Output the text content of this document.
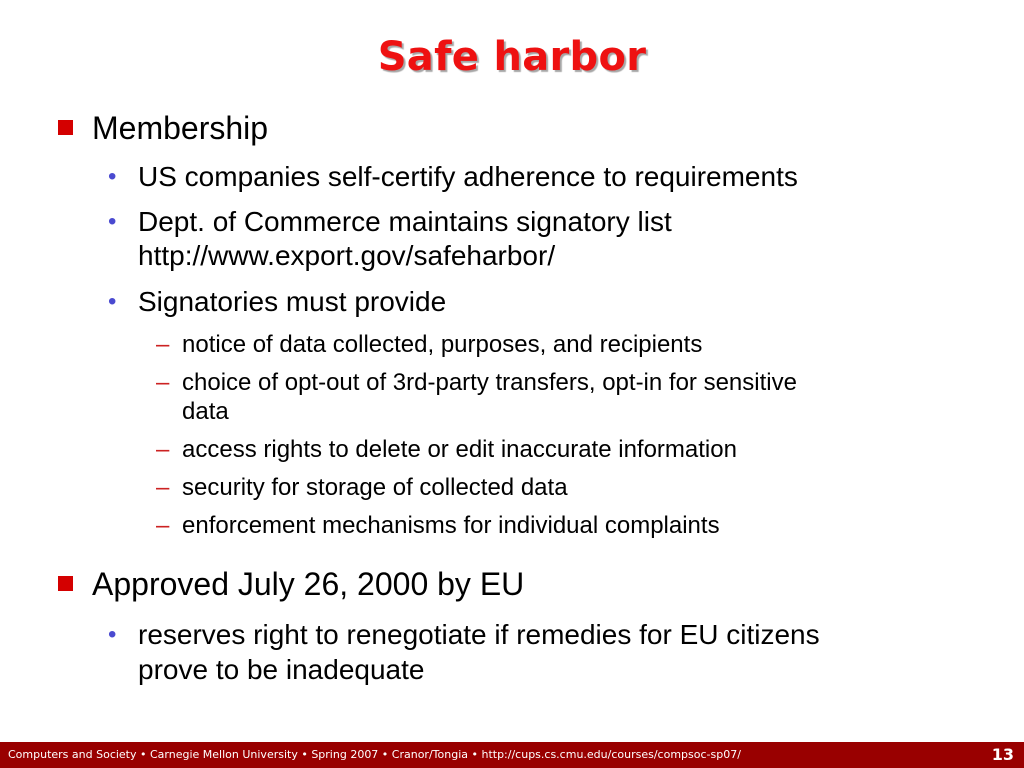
Safe harbor
Membership
• US companies self-certify adherence to requirements
• Dept. of Commerce maintains signatory list
http://www.export.gov/safeharbor/
• Signatories must provide
– notice of data collected, purposes, and recipients
– choice of opt-out of 3rd-party transfers, opt-in for sensitive
data
– access rights to delete or edit inaccurate information
– security for storage of collected data
– enforcement mechanisms for individual complaints
Approved July 26, 2000 by EU
• reserves right to renegotiate if remedies for EU citizens
prove to be inadequate
Computers and Society • Carnegie Mellon University • Spring 2007 • Cranor/Tongia • http://cups.cs.cmu.edu/courses/compsoc-sp07/	13
